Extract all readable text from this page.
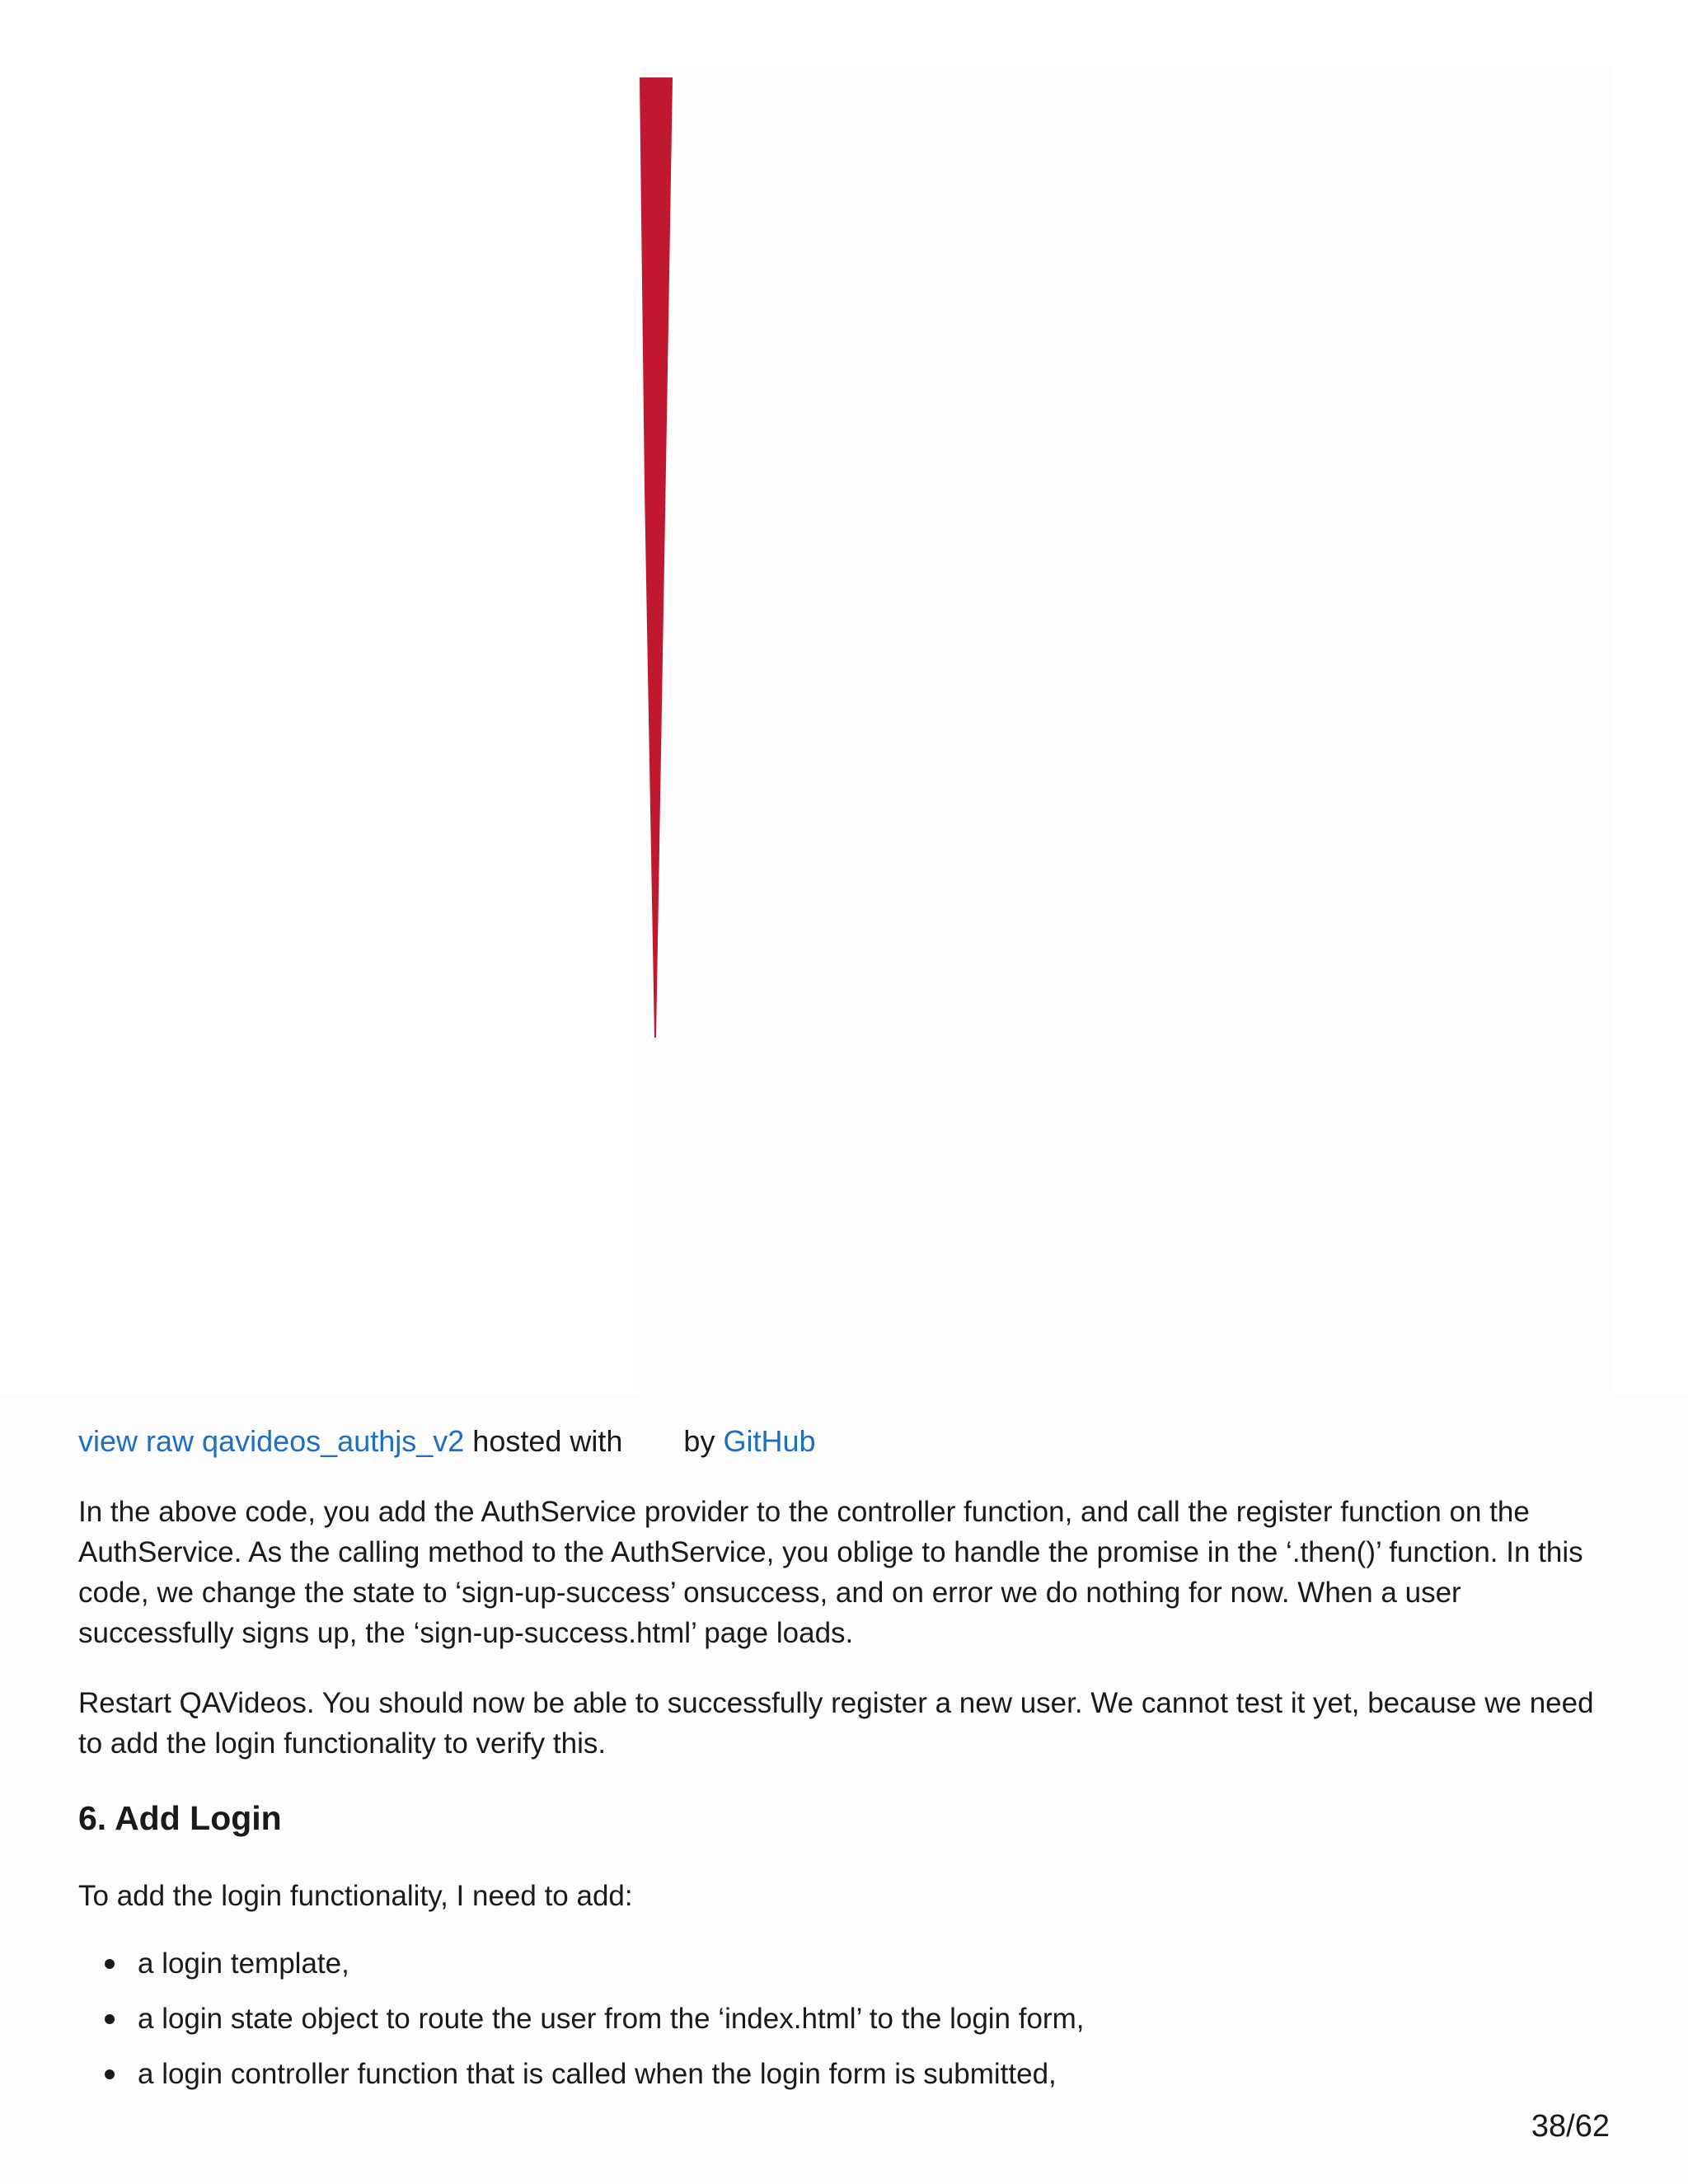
view raw qavideos_authjs_v2 hosted with by GitHub

In the above code, you add the AuthService provider to the controller function, and call the register function on the AuthService. As the calling method to the AuthService, you oblige to handle the promise in the ‘.then()’ function. In this code, we change the state to ‘sign-up-success’ onsuccess, and on error we do nothing for now. When a user successfully signs up, the ‘sign-up-success.html’ page loads.

Restart QAVideos. You should now be able to successfully register a new user. We cannot test it yet, because we need to add the login functionality to verify this.

6. Add Login

To add the login functionality, I need to add:

a login template,
a login state object to route the user from the ‘index.html’ to the login form,
a login controller function that is called when the login form is submitted,
38/62
